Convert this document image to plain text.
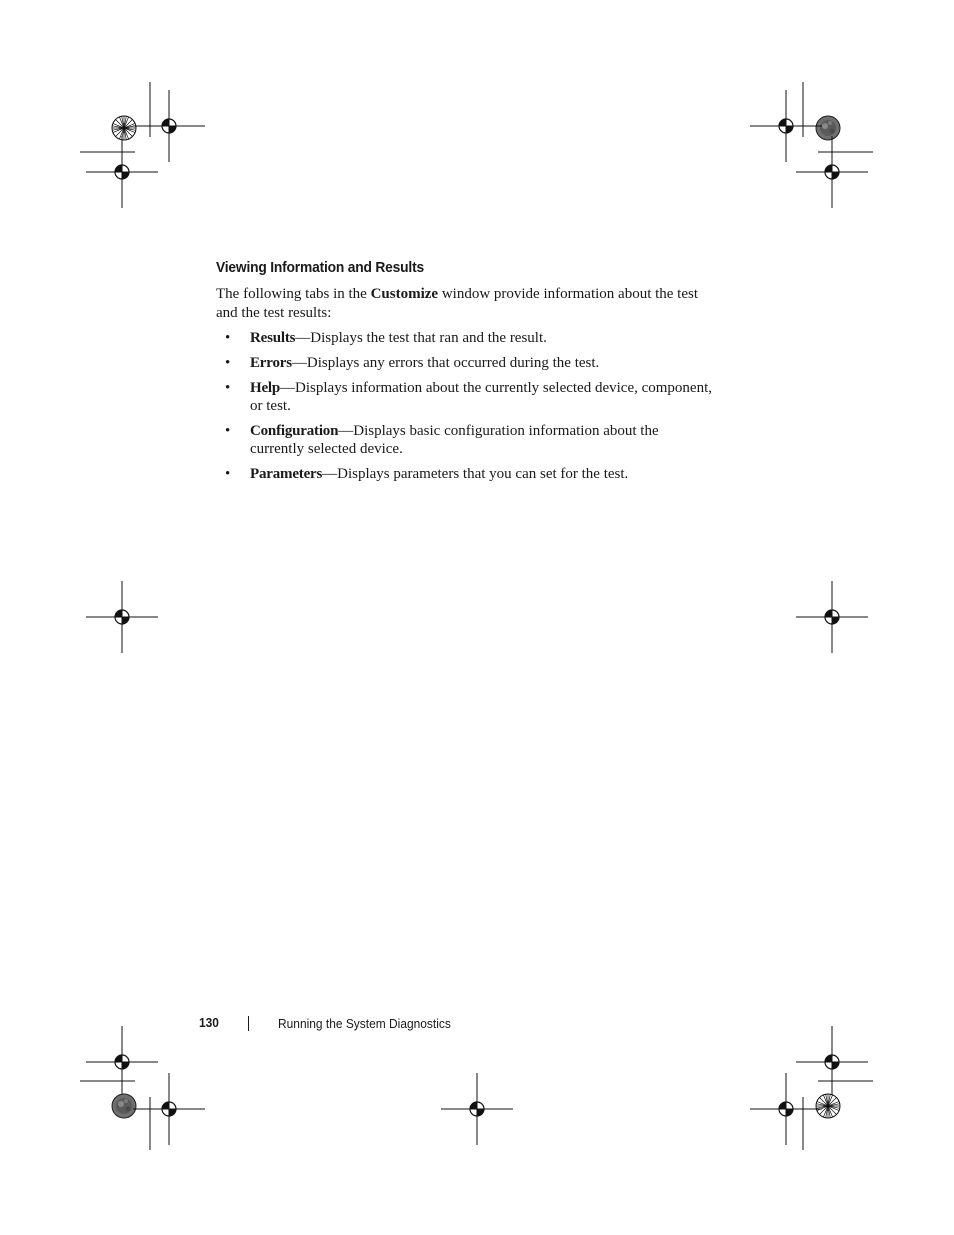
Viewing Information and Results

The following tabs in the Customize window provide information about the test and the test results:

• Results—Displays the test that ran and the result.
• Errors—Displays any errors that occurred during the test.
• Help—Displays information about the currently selected device, component, or test.
• Configuration—Displays basic configuration information about the currently selected device.
• Parameters—Displays parameters that you can set for the test.
130	Running the System Diagnostics
